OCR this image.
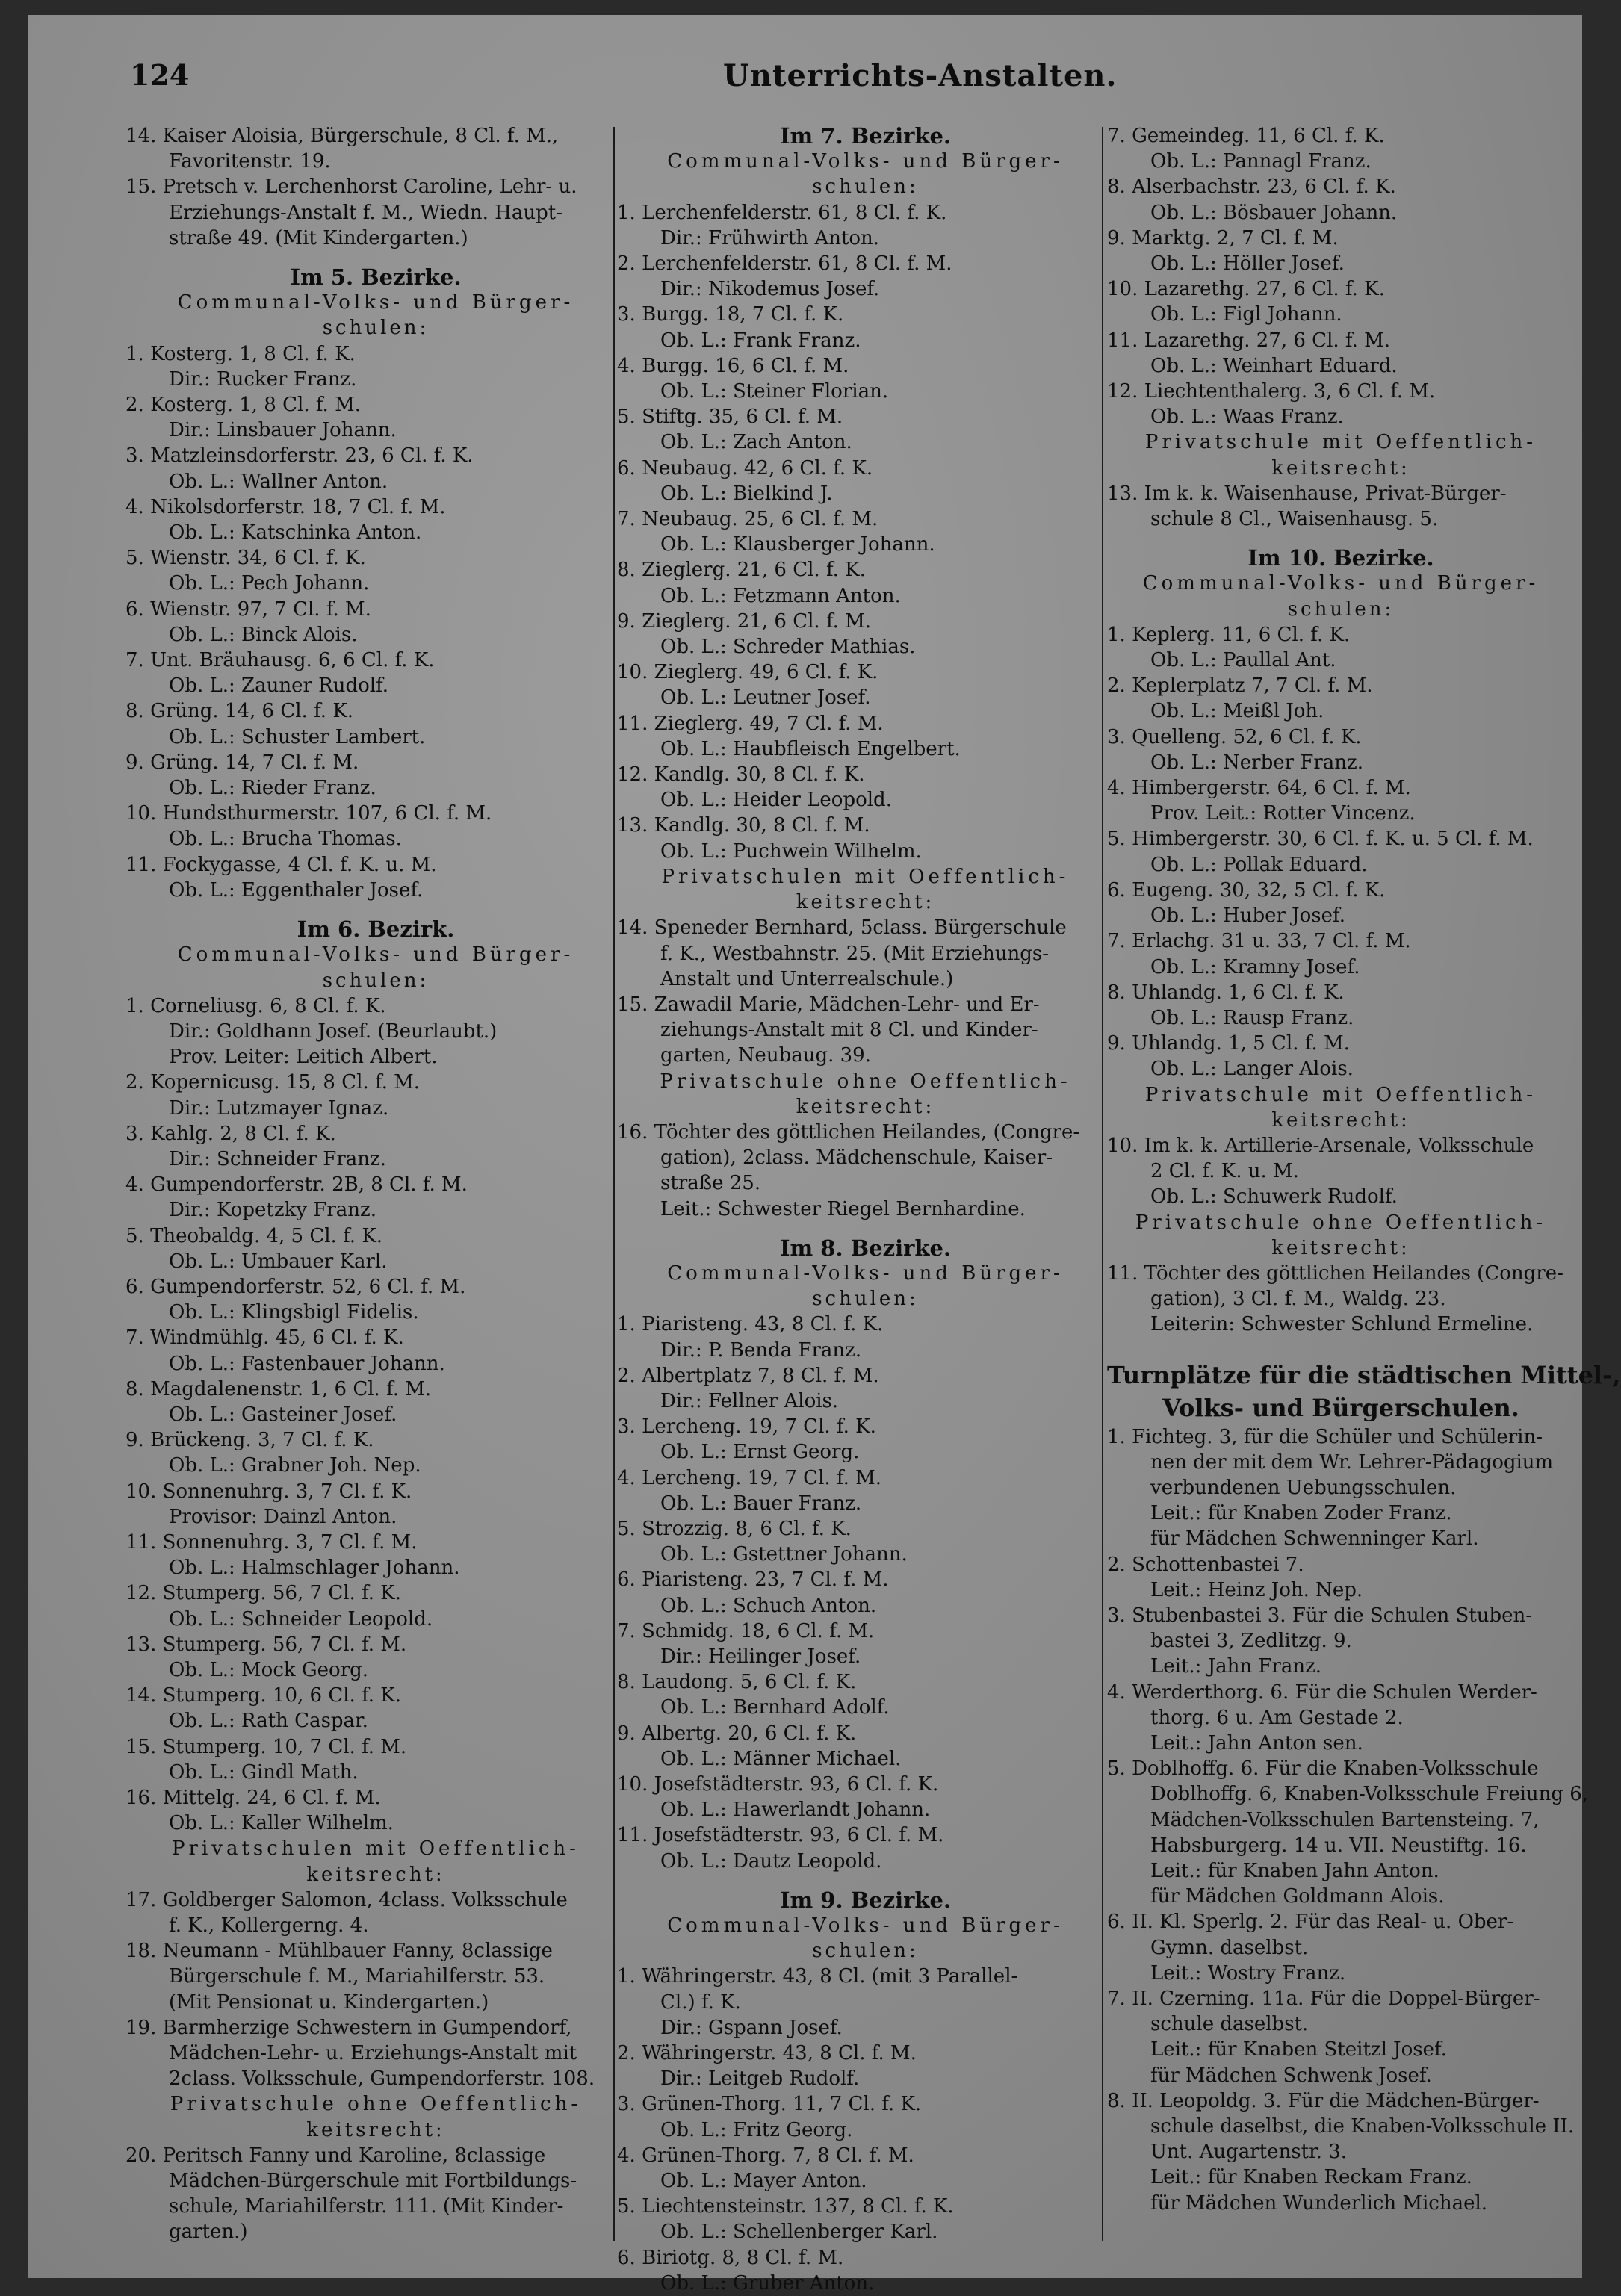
124	Unterrichts-Anstalten.
14. Kaiser Aloisia, Bürgerschule, 8 Cl. f. M.,
Favoritenstr. 19.
15. Pretsch v. Lerchenhorst Caroline, Lehr- u.
Erziehungs-Anstalt f. M., Wiedn. Haupt-
straße 49. (Mit Kindergarten.)
Im 5. Bezirke.
Communal-Volks- und Bürger-
schulen:
1. Kosterg. 1, 8 Cl. f. K.
Dir.: Rucker Franz.
2. Kosterg. 1, 8 Cl. f. M.
Dir.: Linsbauer Johann.
3. Matzleinsdorferstr. 23, 6 Cl. f. K.
Ob. L.: Wallner Anton.
4. Nikolsdorferstr. 18, 7 Cl. f. M.
Ob. L.: Katschinka Anton.
5. Wienstr. 34, 6 Cl. f. K.
Ob. L.: Pech Johann.
6. Wienstr. 97, 7 Cl. f. M.
Ob. L.: Binck Alois.
7. Unt. Bräuhausg. 6, 6 Cl. f. K.
Ob. L.: Zauner Rudolf.
8. Grüng. 14, 6 Cl. f. K.
Ob. L.: Schuster Lambert.
9. Grüng. 14, 7 Cl. f. M.
Ob. L.: Rieder Franz.
10. Hundsthurmerstr. 107, 6 Cl. f. M.
Ob. L.: Brucha Thomas.
11. Fockygasse, 4 Cl. f. K. u. M.
Ob. L.: Eggenthaler Josef.
Im 6. Bezirk.
Communal-Volks- und Bürger-
schulen:
1. Corneliusg. 6, 8 Cl. f. K.
Dir.: Goldhann Josef. (Beurlaubt.)
Prov. Leiter: Leitich Albert.
2. Kopernicusg. 15, 8 Cl. f. M.
Dir.: Lutzmayer Ignaz.
3. Kahlg. 2, 8 Cl. f. K.
Dir.: Schneider Franz.
4. Gumpendorferstr. 2B, 8 Cl. f. M.
Dir.: Kopetzky Franz.
5. Theobaldg. 4, 5 Cl. f. K.
Ob. L.: Umbauer Karl.
6. Gumpendorferstr. 52, 6 Cl. f. M.
Ob. L.: Klingsbigl Fidelis.
7. Windmühlg. 45, 6 Cl. f. K.
Ob. L.: Fastenbauer Johann.
8. Magdalenenstr. 1, 6 Cl. f. M.
Ob. L.: Gasteiner Josef.
9. Brückeng. 3, 7 Cl. f. K.
Ob. L.: Grabner Joh. Nep.
10. Sonnenuhrg. 3, 7 Cl. f. K.
Provisor: Dainzl Anton.
11. Sonnenuhrg. 3, 7 Cl. f. M.
Ob. L.: Halmschlager Johann.
12. Stumperg. 56, 7 Cl. f. K.
Ob. L.: Schneider Leopold.
13. Stumperg. 56, 7 Cl. f. M.
Ob. L.: Mock Georg.
14. Stumperg. 10, 6 Cl. f. K.
Ob. L.: Rath Caspar.
15. Stumperg. 10, 7 Cl. f. M.
Ob. L.: Gindl Math.
16. Mittelg. 24, 6 Cl. f. M.
Ob. L.: Kaller Wilhelm.
Privatschulen mit Oeffentlich-
keitsrecht:
17. Goldberger Salomon, 4class. Volksschule
f. K., Kollergerng. 4.
18. Neumann - Mühlbauer Fanny, 8classige
Bürgerschule f. M., Mariahilferstr. 53.
(Mit Pensionat u. Kindergarten.)
19. Barmherzige Schwestern in Gumpendorf,
Mädchen-Lehr- u. Erziehungs-Anstalt mit
2class. Volksschule, Gumpendorferstr. 108.
Privatschule ohne Oeffentlich-
keitsrecht:
20. Peritsch Fanny und Karoline, 8classige
Mädchen-Bürgerschule mit Fortbildungs-
schule, Mariahilferstr. 111. (Mit Kinder-
garten.)
Im 7. Bezirke.
Communal-Volks- und Bürger-
schulen:
1. Lerchenfelderstr. 61, 8 Cl. f. K.
Dir.: Frühwirth Anton.
2. Lerchenfelderstr. 61, 8 Cl. f. M.
Dir.: Nikodemus Josef.
3. Burgg. 18, 7 Cl. f. K.
Ob. L.: Frank Franz.
4. Burgg. 16, 6 Cl. f. M.
Ob. L.: Steiner Florian.
5. Stiftg. 35, 6 Cl. f. M.
Ob. L.: Zach Anton.
6. Neubaug. 42, 6 Cl. f. K.
Ob. L.: Bielkind J.
7. Neubaug. 25, 6 Cl. f. M.
Ob. L.: Klausberger Johann.
8. Zieglerg. 21, 6 Cl. f. K.
Ob. L.: Fetzmann Anton.
9. Zieglerg. 21, 6 Cl. f. M.
Ob. L.: Schreder Mathias.
10. Zieglerg. 49, 6 Cl. f. K.
Ob. L.: Leutner Josef.
11. Zieglerg. 49, 7 Cl. f. M.
Ob. L.: Haubfleisch Engelbert.
12. Kandlg. 30, 8 Cl. f. K.
Ob. L.: Heider Leopold.
13. Kandlg. 30, 8 Cl. f. M.
Ob. L.: Puchwein Wilhelm.
Privatschulen mit Oeffentlich-
keitsrecht:
14. Speneder Bernhard, 5class. Bürgerschule
f. K., Westbahnstr. 25. (Mit Erziehungs-
Anstalt und Unterrealschule.)
15. Zawadil Marie, Mädchen-Lehr- und Er-
ziehungs-Anstalt mit 8 Cl. und Kinder-
garten, Neubaug. 39.
Privatschule ohne Oeffentlich-
keitsrecht:
16. Töchter des göttlichen Heilandes, (Congre-
gation), 2class. Mädchenschule, Kaiser-
straße 25.
Leit.: Schwester Riegel Bernhardine.
Im 8. Bezirke.
Communal-Volks- und Bürger-
schulen:
1. Piaristeng. 43, 8 Cl. f. K.
Dir.: P. Benda Franz.
2. Albertplatz 7, 8 Cl. f. M.
Dir.: Fellner Alois.
3. Lercheng. 19, 7 Cl. f. K.
Ob. L.: Ernst Georg.
4. Lercheng. 19, 7 Cl. f. M.
Ob. L.: Bauer Franz.
5. Strozzig. 8, 6 Cl. f. K.
Ob. L.: Gstettner Johann.
6. Piaristeng. 23, 7 Cl. f. M.
Ob. L.: Schuch Anton.
7. Schmidg. 18, 6 Cl. f. M.
Dir.: Heilinger Josef.
8. Laudong. 5, 6 Cl. f. K.
Ob. L.: Bernhard Adolf.
9. Albertg. 20, 6 Cl. f. K.
Ob. L.: Männer Michael.
10. Josefstädterstr. 93, 6 Cl. f. K.
Ob. L.: Hawerlandt Johann.
11. Josefstädterstr. 93, 6 Cl. f. M.
Ob. L.: Dautz Leopold.
Im 9. Bezirke.
Communal-Volks- und Bürger-
schulen:
1. Währingerstr. 43, 8 Cl. (mit 3 Parallel-
Cl.) f. K.
Dir.: Gspann Josef.
2. Währingerstr. 43, 8 Cl. f. M.
Dir.: Leitgeb Rudolf.
3. Grünen-Thorg. 11, 7 Cl. f. K.
Ob. L.: Fritz Georg.
4. Grünen-Thorg. 7, 8 Cl. f. M.
Ob. L.: Mayer Anton.
5. Liechtensteinstr. 137, 8 Cl. f. K.
Ob. L.: Schellenberger Karl.
6. Biriotg. 8, 8 Cl. f. M.
Ob. L.: Gruber Anton.
7. Gemeindeg. 11, 6 Cl. f. K.
Ob. L.: Pannagl Franz.
8. Alserbachstr. 23, 6 Cl. f. K.
Ob. L.: Bösbauer Johann.
9. Marktg. 2, 7 Cl. f. M.
Ob. L.: Höller Josef.
10. Lazarethg. 27, 6 Cl. f. K.
Ob. L.: Figl Johann.
11. Lazarethg. 27, 6 Cl. f. M.
Ob. L.: Weinhart Eduard.
12. Liechtenthalerg. 3, 6 Cl. f. M.
Ob. L.: Waas Franz.
Privatschule mit Oeffentlich-
keitsrecht:
13. Im k. k. Waisenhause, Privat-Bürger-
schule 8 Cl., Waisenhausg. 5.
Im 10. Bezirke.
Communal-Volks- und Bürger-
schulen:
1. Keplerg. 11, 6 Cl. f. K.
Ob. L.: Paullal Ant.
2. Keplerplatz 7, 7 Cl. f. M.
Ob. L.: Meißl Joh.
3. Quelleng. 52, 6 Cl. f. K.
Ob. L.: Nerber Franz.
4. Himbergerstr. 64, 6 Cl. f. M.
Prov. Leit.: Rotter Vincenz.
5. Himbergerstr. 30, 6 Cl. f. K. u. 5 Cl. f. M.
Ob. L.: Pollak Eduard.
6. Eugeng. 30, 32, 5 Cl. f. K.
Ob. L.: Huber Josef.
7. Erlachg. 31 u. 33, 7 Cl. f. M.
Ob. L.: Kramny Josef.
8. Uhlandg. 1, 6 Cl. f. K.
Ob. L.: Rausp Franz.
9. Uhlandg. 1, 5 Cl. f. M.
Ob. L.: Langer Alois.
Privatschule mit Oeffentlich-
keitsrecht:
10. Im k. k. Artillerie-Arsenale, Volksschule
2 Cl. f. K. u. M.
Ob. L.: Schuwerk Rudolf.
Privatschule ohne Oeffentlich-
keitsrecht:
11. Töchter des göttlichen Heilandes (Congre-
gation), 3 Cl. f. M., Waldg. 23.
Leiterin: Schwester Schlund Ermeline.
Turnplätze für die städtischen Mittel-,
Volks- und Bürgerschulen.
1. Fichteg. 3, für die Schüler und Schülerin-
nen der mit dem Wr. Lehrer-Pädagogium
verbundenen Uebungsschulen.
Leit.: für Knaben Zoder Franz.
für Mädchen Schwenninger Karl.
2. Schottenbastei 7.
Leit.: Heinz Joh. Nep.
3. Stubenbastei 3. Für die Schulen Stuben-
bastei 3, Zedlitzg. 9.
Leit.: Jahn Franz.
4. Werderthorg. 6. Für die Schulen Werder-
thorg. 6 u. Am Gestade 2.
Leit.: Jahn Anton sen.
5. Doblhoffg. 6. Für die Knaben-Volksschule
Doblhoffg. 6, Knaben-Volksschule Freiung 6,
Mädchen-Volksschulen Bartensteing. 7,
Habsburgerg. 14 u. VII. Neustiftg. 16.
Leit.: für Knaben Jahn Anton.
für Mädchen Goldmann Alois.
6. II. Kl. Sperlg. 2. Für das Real- u. Ober-
Gymn. daselbst.
Leit.: Wostry Franz.
7. II. Czerning. 11a. Für die Doppel-Bürger-
schule daselbst.
Leit.: für Knaben Steitzl Josef.
für Mädchen Schwenk Josef.
8. II. Leopoldg. 3. Für die Mädchen-Bürger-
schule daselbst, die Knaben-Volksschule II.
Unt. Augartenstr. 3.
Leit.: für Knaben Reckam Franz.
für Mädchen Wunderlich Michael.
